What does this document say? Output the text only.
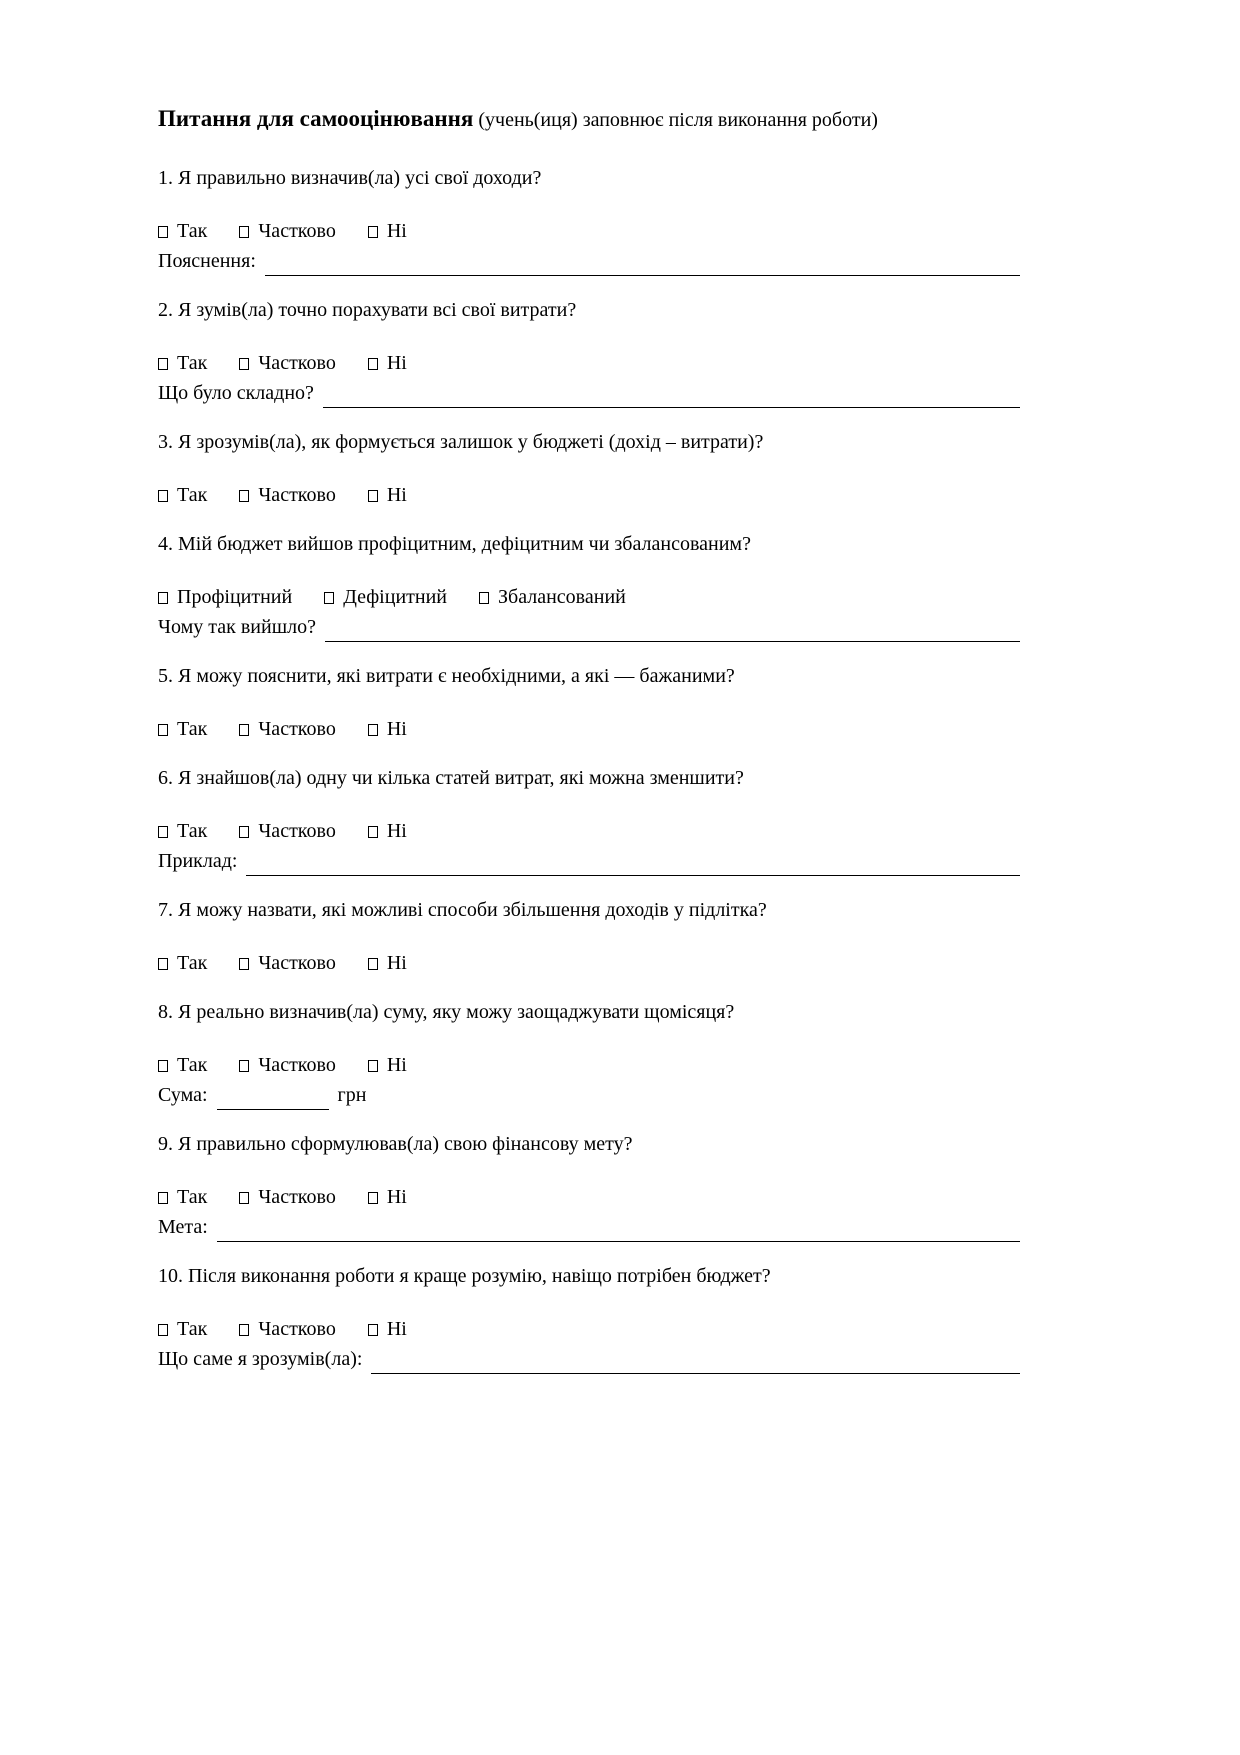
Питання для самооцінювання (учень(иця) заповнює після виконання роботи)

1. Я правильно визначив(ла) усі свої доходи?

Так	Частково	Ні
Пояснення:

2. Я зумів(ла) точно порахувати всі свої витрати?

Так	Частково	Ні
Що було складно?

3. Я зрозумів(ла), як формується залишок у бюджеті (дохід – витрати)?

Так	Частково	Ні

4. Мій бюджет вийшов профіцитним, дефіцитним чи збалансованим?

Профіцитний	Дефіцитний	Збалансований
Чому так вийшло?

5. Я можу пояснити, які витрати є необхідними, а які — бажаними?

Так	Частково	Ні

6. Я знайшов(ла) одну чи кілька статей витрат, які можна зменшити?

Так	Частково	Ні
Приклад:

7. Я можу назвати, які можливі способи збільшення доходів у підлітка?

Так	Частково	Ні

8. Я реально визначив(ла) суму, яку можу заощаджувати щомісяця?

Так	Частково	Ні
Сума:	грн

9. Я правильно сформулював(ла) свою фінансову мету?

Так	Частково	Ні
Мета:

10. Після виконання роботи я краще розумію, навіщо потрібен бюджет?

Так	Частково	Ні
Що саме я зрозумів(ла):
